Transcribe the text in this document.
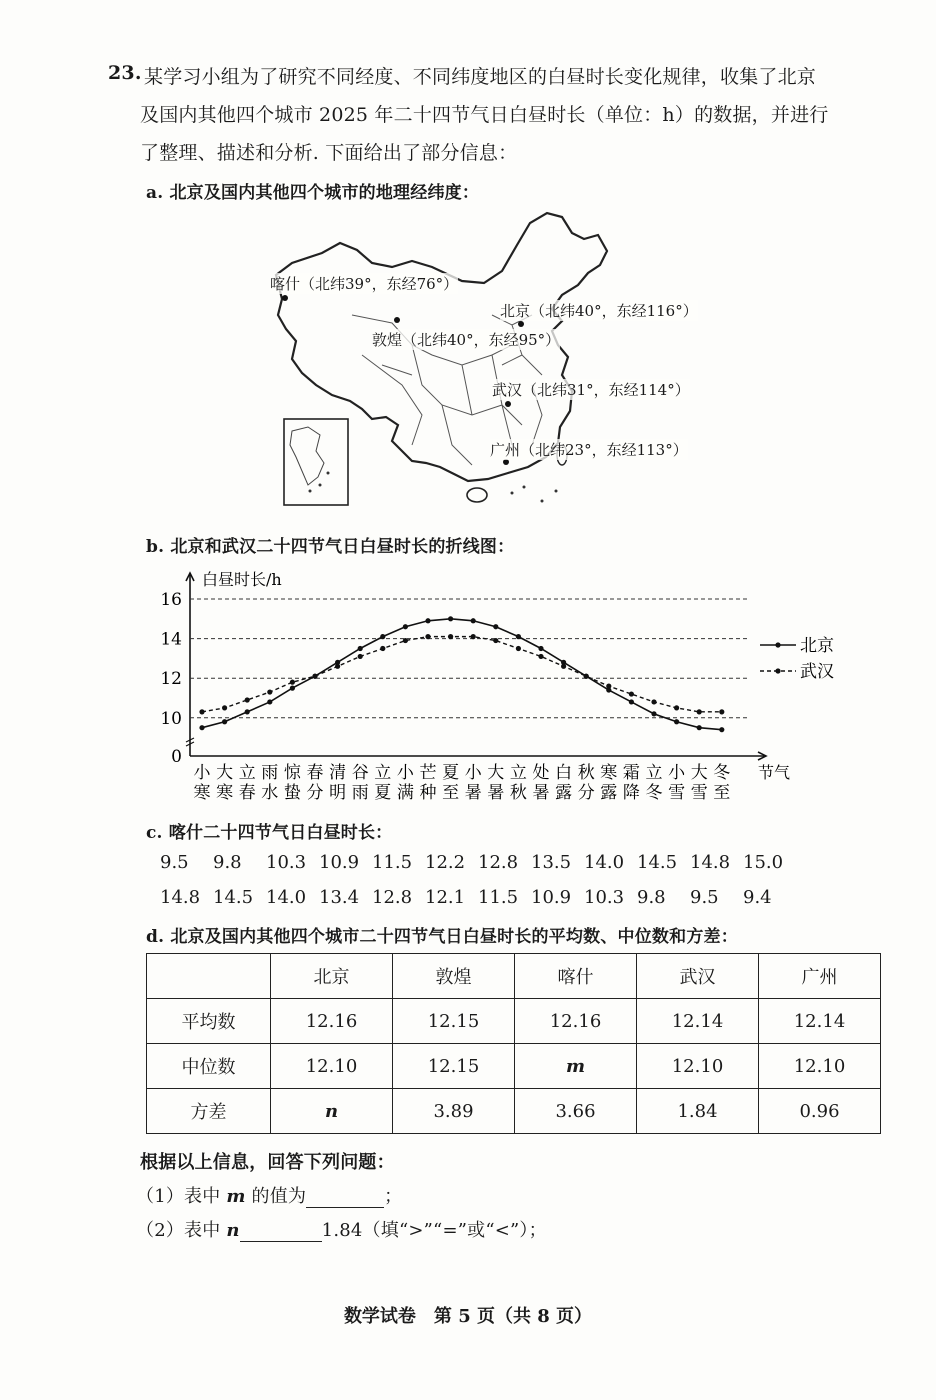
23. 某学习小组为了研究不同经度、不同纬度地区的白昼时长变化规律，收集了北京
及国内其他四个城市 2025 年二十四节气日白昼时长（单位：h）的数据，并进行
了整理、描述和分析. 下面给出了部分信息：
a. 北京及国内其他四个城市的地理经纬度：
喀什（北纬39°，东经76°）
北京（北纬40°，东经116°）
敦煌（北纬40°，东经95°）
武汉（北纬31°，东经114°）
广州（北纬23°，东经113°）
b. 北京和武汉二十四节气日白昼时长的折线图：
16
14
12
10
0
白昼时长/h
小
寒
大
寒
立
春
雨
水
惊
蛰
春
分
清
明
谷
雨
立
夏
小
满
芒
种
夏
至
小
暑
大
暑
立
秋
处
暑
白
露
秋
分
寒
露
霜
降
立
冬
小
雪
大
雪
冬
至
节气
北京
武汉
c. 喀什二十四节气日白昼时长：
9.5	9.8	10.3 10.9 11.5 12.2 12.8 13.5 14.0 14.5 14.8 15.0
14.8 14.5 14.0 13.4 12.8 12.1 11.5 10.9 10.3 9.8	9.5	9.4
d. 北京及国内其他四个城市二十四节气日白昼时长的平均数、中位数和方差：
	北京	敦煌	喀什	武汉	广州
平均数	12.16	12.15	12.16	12.14	12.14
中位数	12.10	12.15	m	12.10	12.10
方差	n	3.89	3.66	1.84	0.96
根据以上信息，回答下列问题：
（1）表中 m 的值为	；
（2）表中 n	1.84（填“>”“=”或“<”）；
数学试卷　第 5 页（共 8 页）
